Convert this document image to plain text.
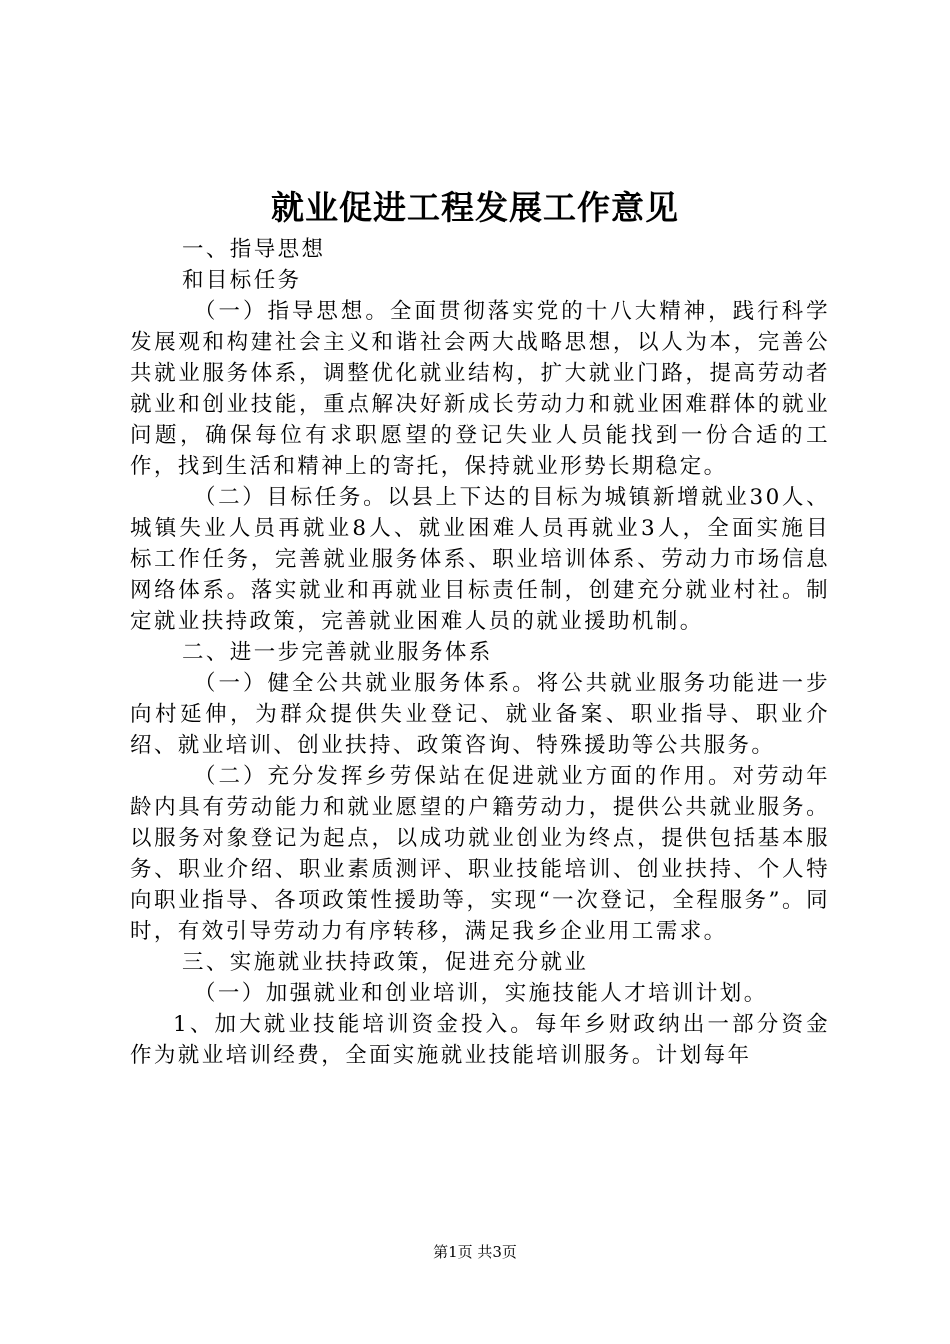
就业促进工程发展工作意见

一、指导思想

和目标任务

（一）指导思想。全面贯彻落实党的十八大精神，践行科学发展观和构建社会主义和谐社会两大战略思想，以人为本，完善公共就业服务体系，调整优化就业结构，扩大就业门路，提高劳动者就业和创业技能，重点解决好新成长劳动力和就业困难群体的就业问题，确保每位有求职愿望的登记失业人员能找到一份合适的工作，找到生活和精神上的寄托，保持就业形势长期稳定。

（二）目标任务。以县上下达的目标为城镇新增就业30人、城镇失业人员再就业8人、就业困难人员再就业3人，全面实施目标工作任务，完善就业服务体系、职业培训体系、劳动力市场信息网络体系。落实就业和再就业目标责任制，创建充分就业村社。制定就业扶持政策，完善就业困难人员的就业援助机制。

二、进一步完善就业服务体系

（一）健全公共就业服务体系。将公共就业服务功能进一步向村延伸，为群众提供失业登记、就业备案、职业指导、职业介绍、就业培训、创业扶持、政策咨询、特殊援助等公共服务。

（二）充分发挥乡劳保站在促进就业方面的作用。对劳动年龄内具有劳动能力和就业愿望的户籍劳动力，提供公共就业服务。以服务对象登记为起点，以成功就业创业为终点，提供包括基本服务、职业介绍、职业素质测评、职业技能培训、创业扶持、个人特向职业指导、各项政策性援助等，实现“一次登记，全程服务”。同时，有效引导劳动力有序转移，满足我乡企业用工需求。

三、实施就业扶持政策，促进充分就业

（一）加强就业和创业培训，实施技能人才培训计划。

1、加大就业技能培训资金投入。每年乡财政纳出一部分资金作为就业培训经费，全面实施就业技能培训服务。计划每年

第1页 共3页
